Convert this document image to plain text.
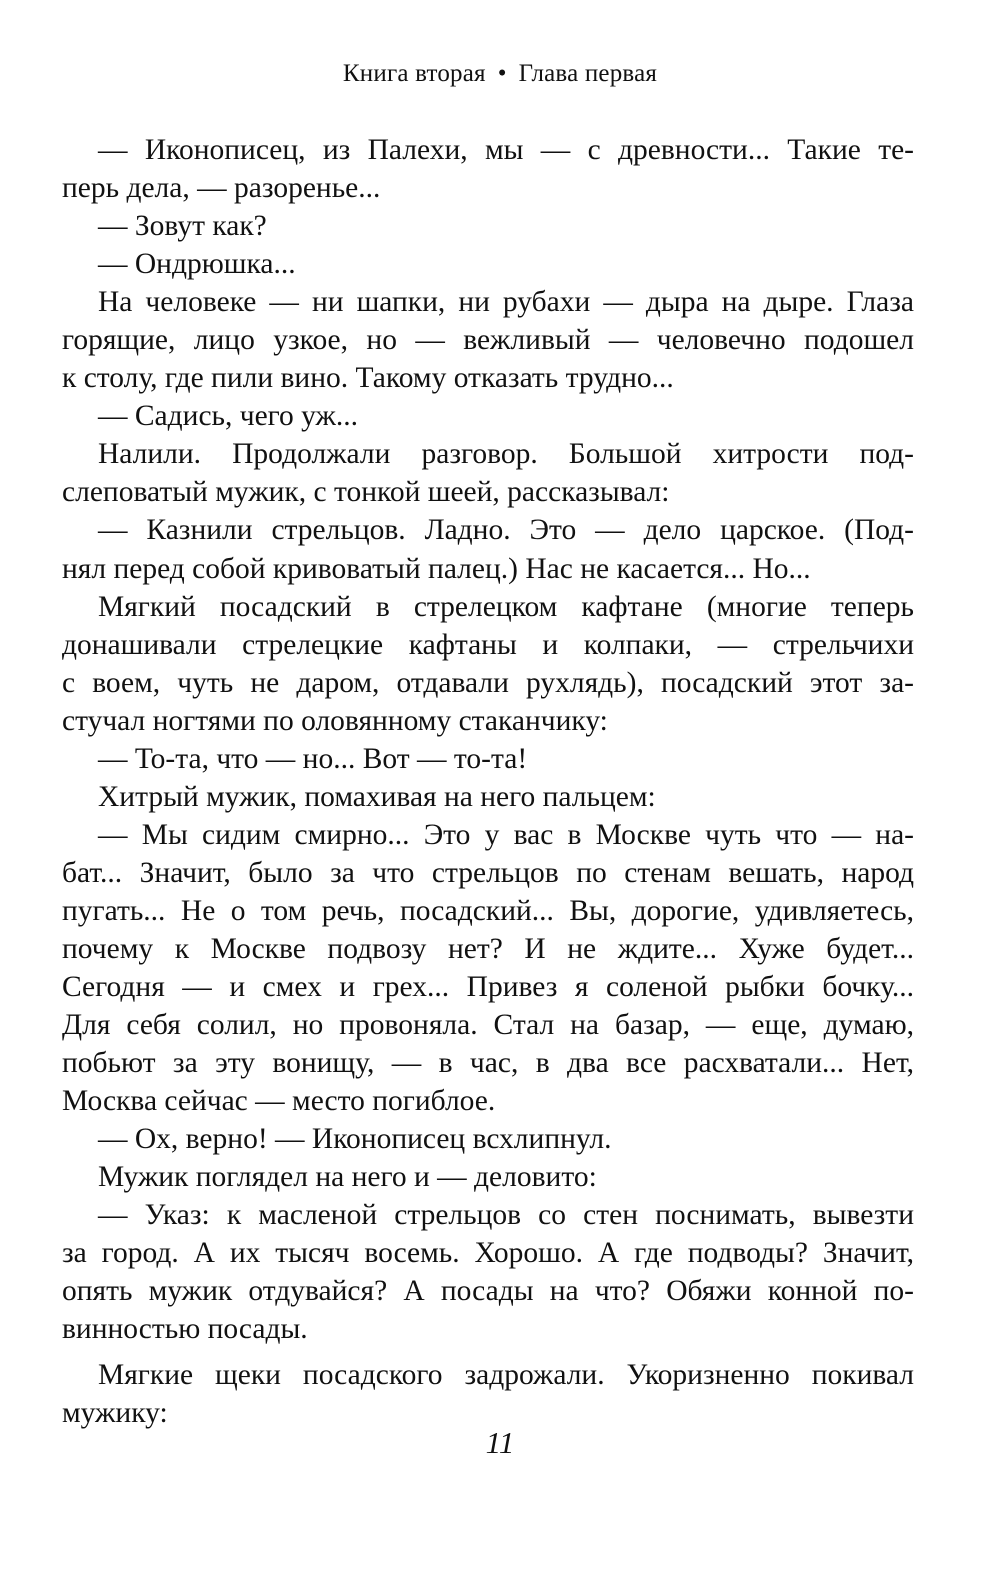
Книга вторая • Глава первая
— Иконописец, из Палехи, мы — с древности... Такие те-
перь дела, — разоренье...
— Зовут как?
— Ондрюшка...
На человеке — ни шапки, ни рубахи — дыра на дыре. Глаза
горящие, лицо узкое, но — вежливый — человечно подошел
к столу, где пили вино. Такому отказать трудно...
— Садись, чего уж...
Налили. Продолжали разговор. Большой хитрости под-
слеповатый мужик, с тонкой шеей, рассказывал:
— Казнили стрельцов. Ладно. Это — дело царское. (Под-
нял перед собой кривоватый палец.) Нас не касается... Но...
Мягкий посадский в стрелецком кафтане (многие теперь
донашивали стрелецкие кафтаны и колпаки, — стрельчихи
с воем, чуть не даром, отдавали рухлядь), посадский этот за-
стучал ногтями по оловянному стаканчику:
— То-та, что — но... Вот — то-та!
Хитрый мужик, помахивая на него пальцем:
— Мы сидим смирно... Это у вас в Москве чуть что — на-
бат... Значит, было за что стрельцов по стенам вешать, народ
пугать... Не о том речь, посадский... Вы, дорогие, удивляетесь,
почему к Москве подвозу нет? И не ждите... Хуже будет...
Сегодня — и смех и грех... Привез я соленой рыбки бочку...
Для себя солил, но провоняла. Стал на базар, — еще, думаю,
побьют за эту вонищу, — в час, в два все расхватали... Нет,
Москва сейчас — место погиблое.
— Ох, верно! — Иконописец всхлипнул.
Мужик поглядел на него и — деловито:
— Указ: к масленой стрельцов со стен поснимать, вывезти
за город. А их тысяч восемь. Хорошо. А где подводы? Значит,
опять мужик отдувайся? А посады на что? Обяжи конной по-
винностью посады.
Мягкие щеки посадского задрожали. Укоризненно покивал
мужику:
11
